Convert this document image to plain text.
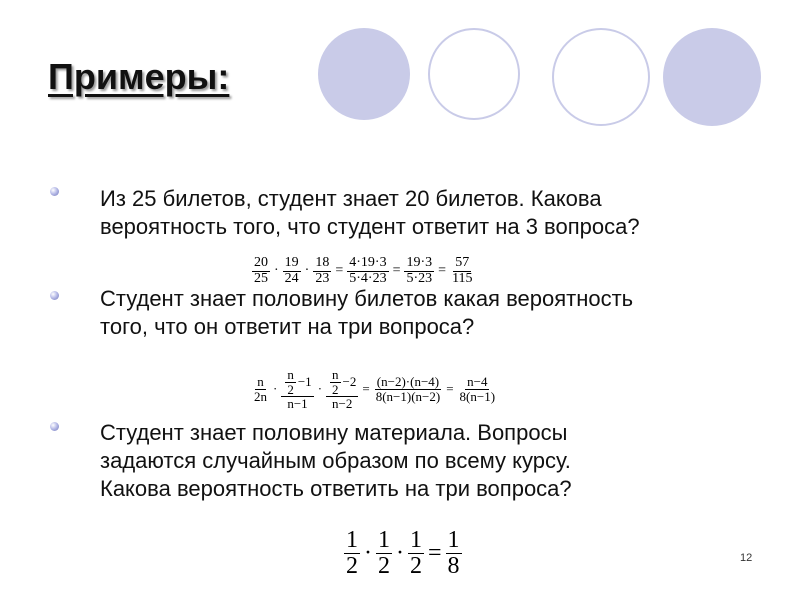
Примеры:
Из 25 билетов, студент знает 20 билетов. Какова
вероятность того, что студент ответит на 3 вопроса?
$\frac{20}{25} \cdot \frac{19}{24} \cdot \frac{18}{23} = \frac{4\cdot 19\cdot 3}{5\cdot 4\cdot 23} = \frac{19\cdot 3}{5\cdot 23} = \frac{57}{115}$
Студент знает половину билетов какая вероятность
того, что он ответит на три вопроса?
$\frac{n}{2n} \cdot \frac{\frac{n}{2} -1}{n-1} \cdot \frac{\frac{n}{2} -2}{n-2} = \frac{(n-2)\cdot(n-4)}{8(n-1)(n-2)} = \frac{n-4}{8(n-1)}$
Студент знает половину материала. Вопросы
задаются случайным образом по всему курсу.
Какова вероятность ответить на три вопроса?
$\frac{1}{2} \cdot \frac{1}{2} \cdot \frac{1}{2} = \frac{1}{8}$	12
